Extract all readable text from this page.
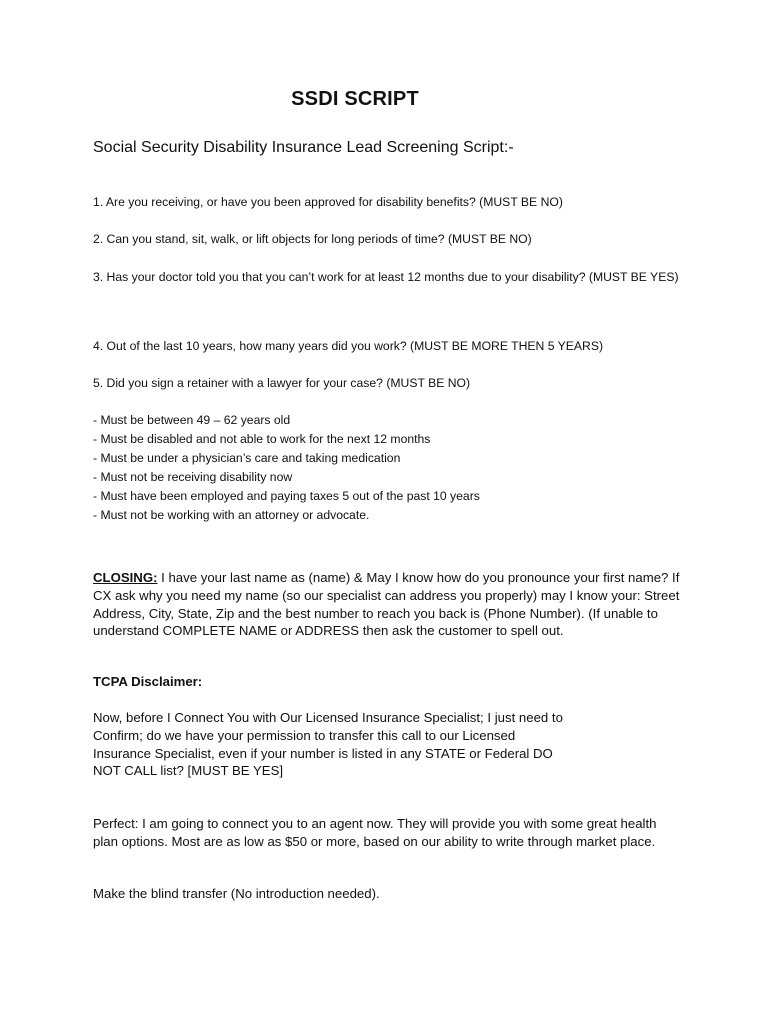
SSDI SCRIPT
Social Security Disability Insurance Lead Screening Script:-
1. Are you receiving, or have you been approved for disability benefits? (MUST BE NO)
2. Can you stand, sit, walk, or lift objects for long periods of time? (MUST BE NO)
3. Has your doctor told you that you can’t work for at least 12 months due to your disability? (MUST BE YES)
4. Out of the last 10 years, how many years did you work? (MUST BE MORE THEN 5 YEARS)
5. Did you sign a retainer with a lawyer for your case? (MUST BE NO)
- Must be between 49 – 62 years old
- Must be disabled and not able to work for the next 12 months
- Must be under a physician’s care and taking medication
- Must not be receiving disability now
- Must have been employed and paying taxes 5 out of the past 10 years
- Must not be working with an attorney or advocate.
CLOSING: I have your last name as (name) & May I know how do you pronounce your first name? If CX ask why you need my name (so our specialist can address you properly) may I know your: Street Address, City, State, Zip and the best number to reach you back is (Phone Number). (If unable to understand COMPLETE NAME or ADDRESS then ask the customer to spell out.
TCPA Disclaimer:
Now, before I Connect You with Our Licensed Insurance Specialist; I just need to
Confirm; do we have your permission to transfer this call to our Licensed
Insurance Specialist, even if your number is listed in any STATE or Federal DO
NOT CALL list? [MUST BE YES]
Perfect: I am going to connect you to an agent now. They will provide you with some great health plan options. Most are as low as $50 or more, based on our ability to write through market place.
Make the blind transfer (No introduction needed).
